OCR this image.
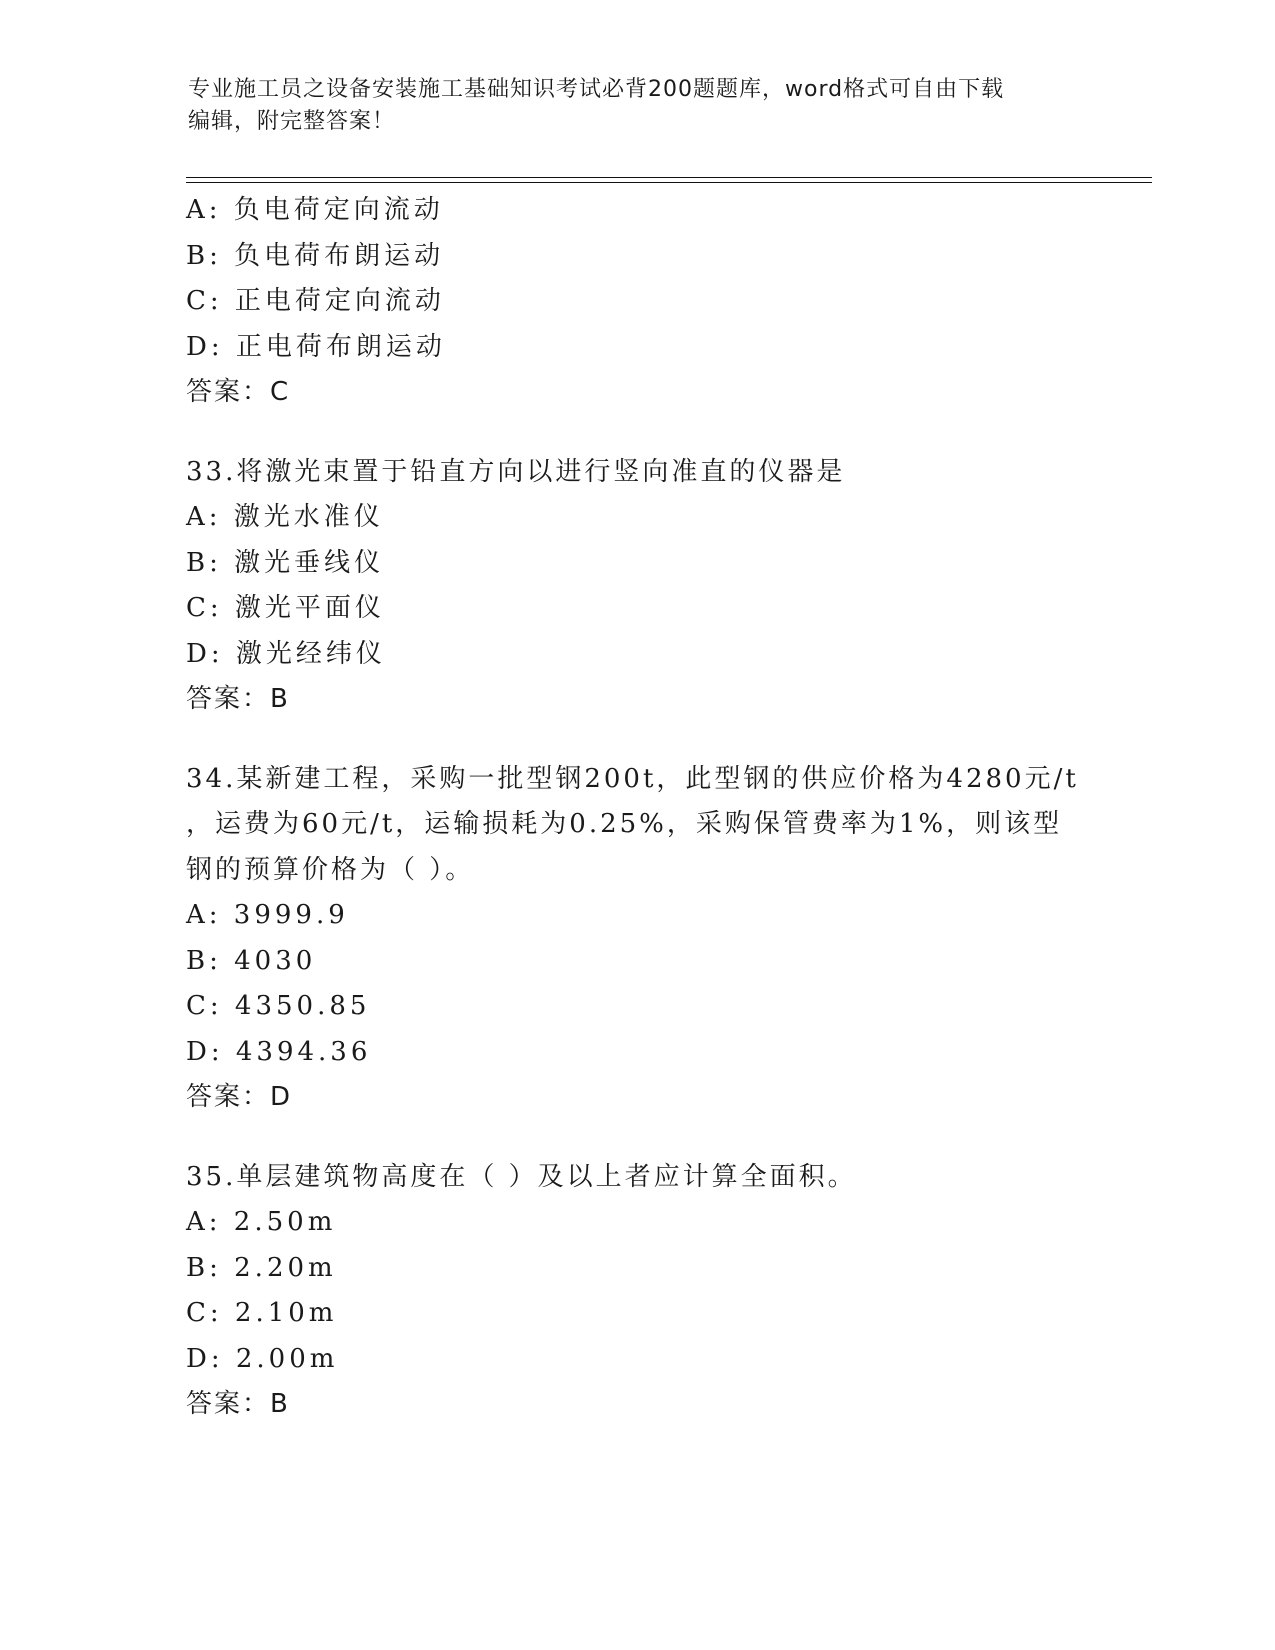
专业施工员之设备安装施工基础知识考试必背200题题库，word格式可自由下载
编辑，附完整答案！
A: 负电荷定向流动
B: 负电荷布朗运动
C: 正电荷定向流动
D: 正电荷布朗运动
答案：C
33.将激光束置于铅直方向以进行竖向准直的仪器是
A: 激光水准仪
B: 激光垂线仪
C: 激光平面仪
D: 激光经纬仪
答案：B
34.某新建工程，采购一批型钢200t，此型钢的供应价格为4280元/t
，运费为60元/t，运输损耗为0.25%，采购保管费率为1%，则该型
钢的预算价格为（ ）。
A: 3999.9
B: 4030
C: 4350.85
D: 4394.36
答案：D
35.单层建筑物高度在（ ）及以上者应计算全面积。
A: 2.50m
B: 2.20m
C: 2.10m
D: 2.00m
答案：B
